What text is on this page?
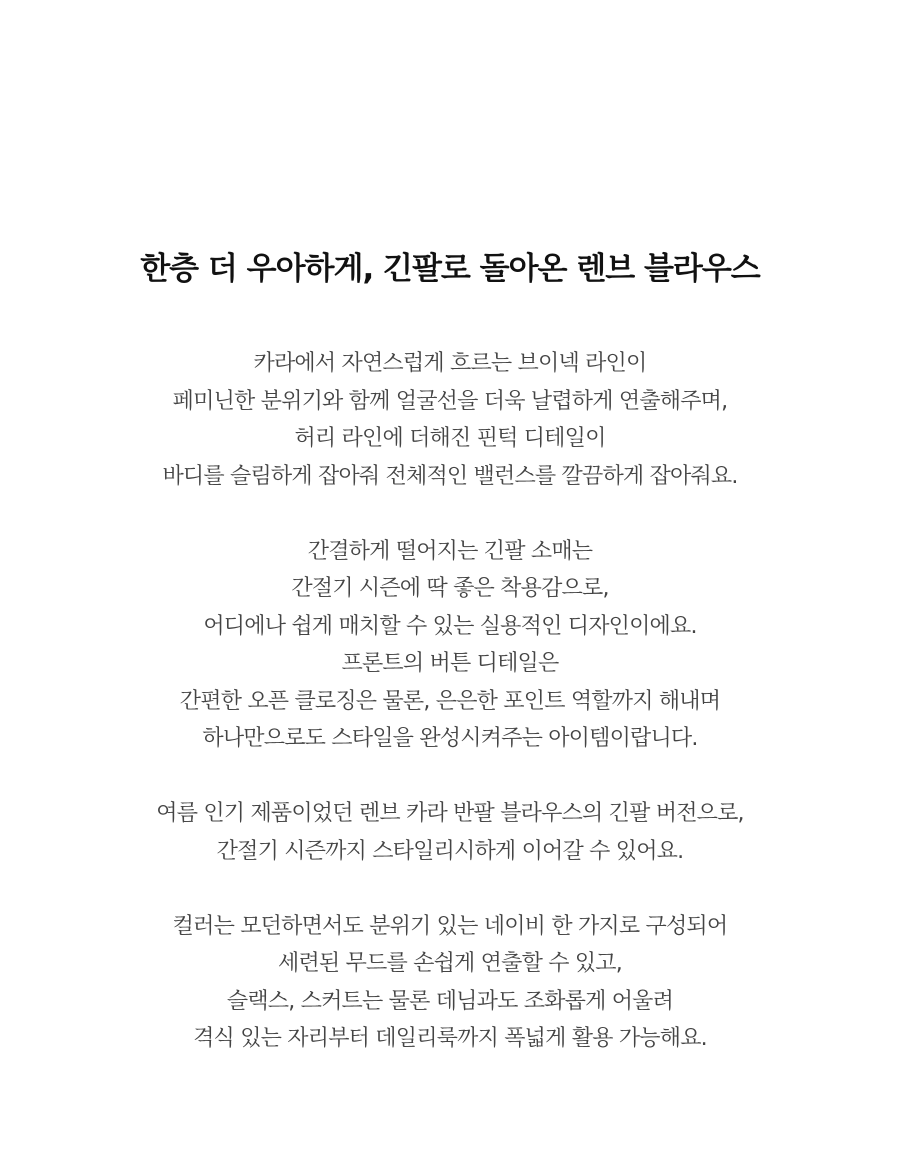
한층 더 우아하게, 긴팔로 돌아온 렌브 블라우스

카라에서 자연스럽게 흐르는 브이넥 라인이
페미닌한 분위기와 함께 얼굴선을 더욱 날렵하게 연출해주며,
허리 라인에 더해진 핀턱 디테일이
바디를 슬림하게 잡아줘 전체적인 밸런스를 깔끔하게 잡아줘요.

간결하게 떨어지는 긴팔 소매는
간절기 시즌에 딱 좋은 착용감으로,
어디에나 쉽게 매치할 수 있는 실용적인 디자인이에요.
프론트의 버튼 디테일은
간편한 오픈 클로징은 물론, 은은한 포인트 역할까지 해내며
하나만으로도 스타일을 완성시켜주는 아이템이랍니다.

여름 인기 제품이었던 렌브 카라 반팔 블라우스의 긴팔 버전으로,
간절기 시즌까지 스타일리시하게 이어갈 수 있어요.

컬러는 모던하면서도 분위기 있는 네이비 한 가지로 구성되어
세련된 무드를 손쉽게 연출할 수 있고,
슬랙스, 스커트는 물론 데님과도 조화롭게 어울려
격식 있는 자리부터 데일리룩까지 폭넓게 활용 가능해요.
